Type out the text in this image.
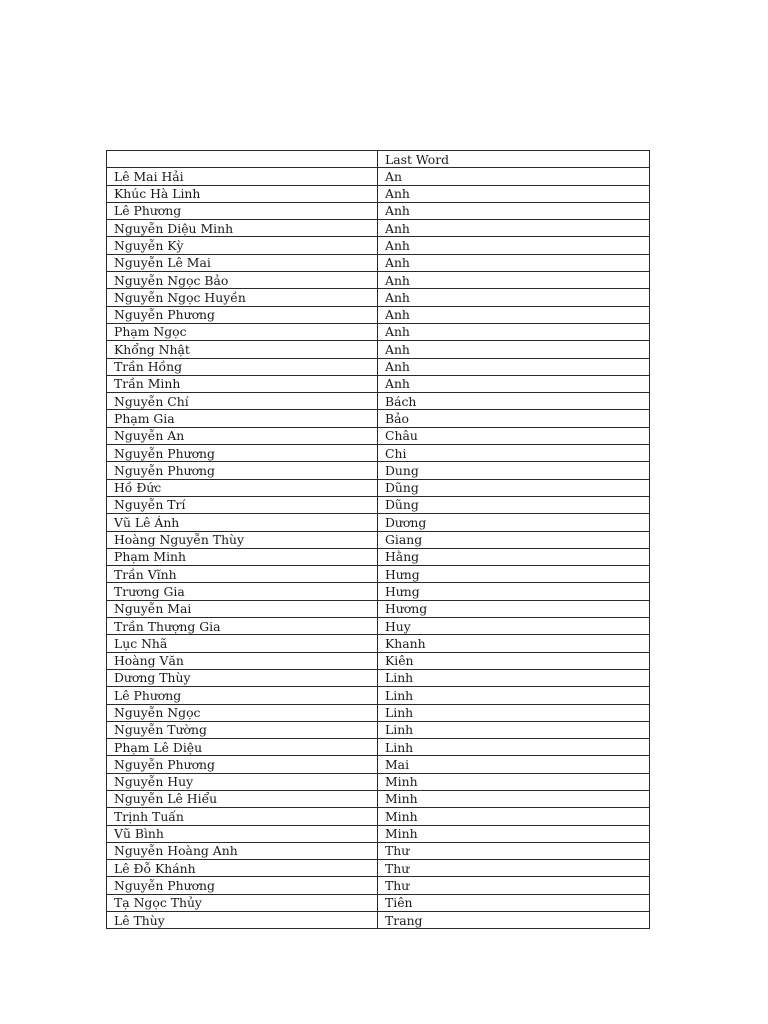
	Last Word
Lê Mai Hải	An
Khúc Hà Linh	Anh
Lê Phương	Anh
Nguyễn Diệu Minh	Anh
Nguyễn Kỳ	Anh
Nguyễn Lê Mai	Anh
Nguyễn Ngọc Bảo	Anh
Nguyễn Ngọc Huyền	Anh
Nguyễn Phương	Anh
Phạm Ngọc	Anh
Khổng Nhật	Anh
Trần Hồng	Anh
Trần Minh	Anh
Nguyễn Chí	Bách
Phạm Gia	Bảo
Nguyễn An	Châu
Nguyễn Phương	Chi
Nguyễn Phương	Dung
Hồ Đức	Dũng
Nguyễn Trí	Dũng
Vũ Lê Ánh	Dương
Hoàng Nguyễn Thùy	Giang
Phạm Minh	Hằng
Trần Vĩnh	Hưng
Trương Gia	Hưng
Nguyễn Mai	Hương
Trần Thượng Gia	Huy
Lục Nhã	Khanh
Hoàng Văn	Kiên
Dương Thùy	Linh
Lê Phương	Linh
Nguyễn Ngọc	Linh
Nguyễn Tường	Linh
Phạm Lê Diệu	Linh
Nguyễn Phương	Mai
Nguyễn Huy	Minh
Nguyễn Lê Hiểu	Minh
Trịnh Tuấn	Minh
Vũ Bình	Minh
Nguyễn Hoàng Anh	Thư
Lê Đỗ Khánh	Thư
Nguyễn Phương	Thư
Tạ Ngọc Thủy	Tiên
Lê Thùy	Trang
